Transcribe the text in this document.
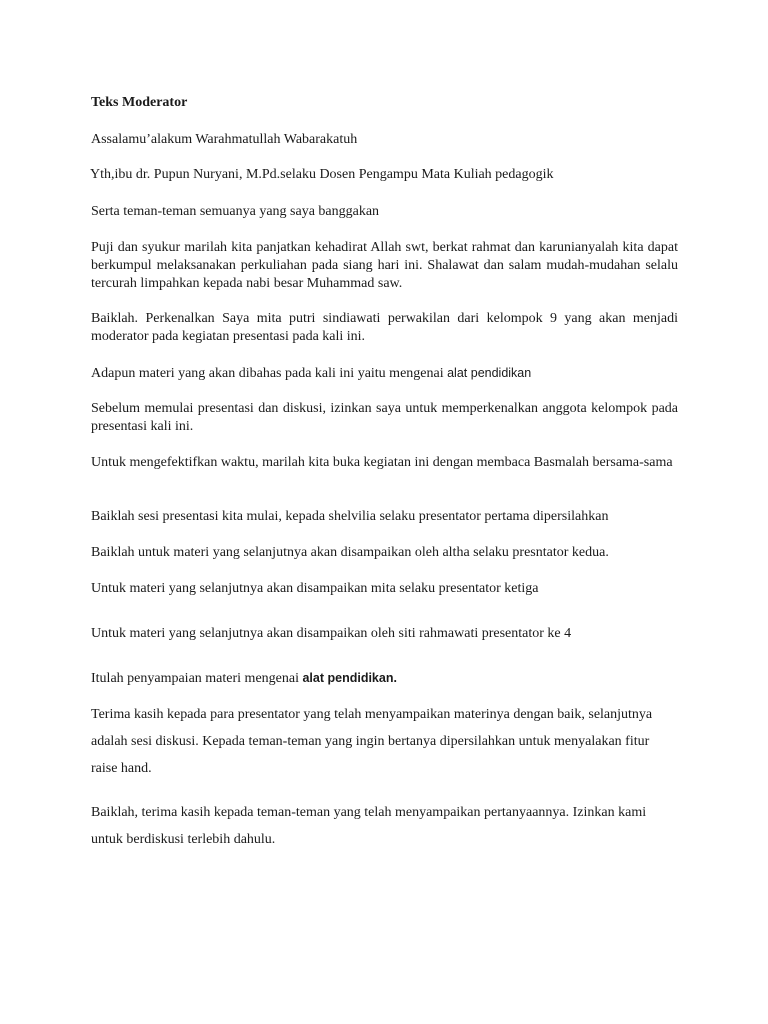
Teks Moderator
Assalamu’alakum Warahmatullah Wabarakatuh
Yth,ibu dr. Pupun Nuryani, M.Pd.selaku Dosen Pengampu Mata Kuliah pedagogik
Serta teman-teman semuanya yang saya banggakan
Puji dan syukur marilah kita panjatkan kehadirat Allah swt, berkat rahmat dan karunianyalah kita dapat berkumpul melaksanakan perkuliahan pada siang hari ini. Shalawat dan salam mudah-mudahan selalu tercurah limpahkan kepada nabi besar Muhammad saw.
Baiklah. Perkenalkan Saya mita putri sindiawati perwakilan dari kelompok 9 yang akan menjadi moderator pada kegiatan presentasi pada kali ini.
Adapun materi yang akan dibahas pada kali ini yaitu mengenai alat pendidikan
Sebelum memulai presentasi dan diskusi, izinkan saya untuk memperkenalkan anggota kelompok pada presentasi kali ini.
Untuk mengefektifkan waktu, marilah kita buka kegiatan ini dengan membaca Basmalah bersama-sama
Baiklah sesi presentasi kita mulai, kepada shelvilia selaku presentator pertama dipersilahkan
Baiklah untuk materi yang selanjutnya akan disampaikan oleh altha selaku presntator kedua.
Untuk materi yang selanjutnya akan disampaikan mita selaku presentator ketiga
Untuk materi yang selanjutnya akan disampaikan oleh siti rahmawati presentator ke 4
Itulah penyampaian materi mengenai alat pendidikan.
Terima kasih kepada para presentator yang telah menyampaikan materinya dengan baik, selanjutnya adalah sesi diskusi. Kepada teman-teman yang ingin bertanya dipersilahkan untuk menyalakan fitur raise hand.
Baiklah, terima kasih kepada teman-teman yang telah menyampaikan pertanyaannya. Izinkan kami untuk berdiskusi terlebih dahulu.
